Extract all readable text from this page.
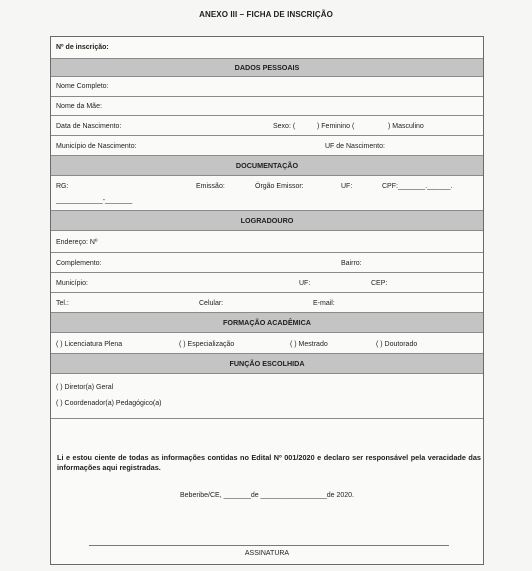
ANEXO III – FICHA DE INSCRIÇÃO
Nº de inscrição:
DADOS PESSOAIS
Nome Completo:
Nome da Mãe:
Data de Nascimento:	Sexo: (	) Feminino (	) Masculino
Município de Nascimento:	UF de Nascimento:
DOCUMENTAÇÃO
RG:	Emissão:	Órgão Emissor:	UF:	CPF:_______.______.
____________-_______
LOGRADOURO
Endereço: Nº
Complemento:	Bairro:
Município:	UF:	CEP:
Tel.:	Celular:	E-mail:
FORMAÇÃO ACADÊMICA
( ) Licenciatura Plena	( ) Especialização	( ) Mestrado	( ) Doutorado
FUNÇÃO ESCOLHIDA
( ) Diretor(a) Geral
( ) Coordenador(a) Pedagógico(a)
Li e estou ciente de todas as informações contidas no Edital Nº 001/2020 e declaro ser responsável pela veracidade das informações aqui registradas.
Beberibe/CE, _______de _________________de 2020.
ASSINATURA
